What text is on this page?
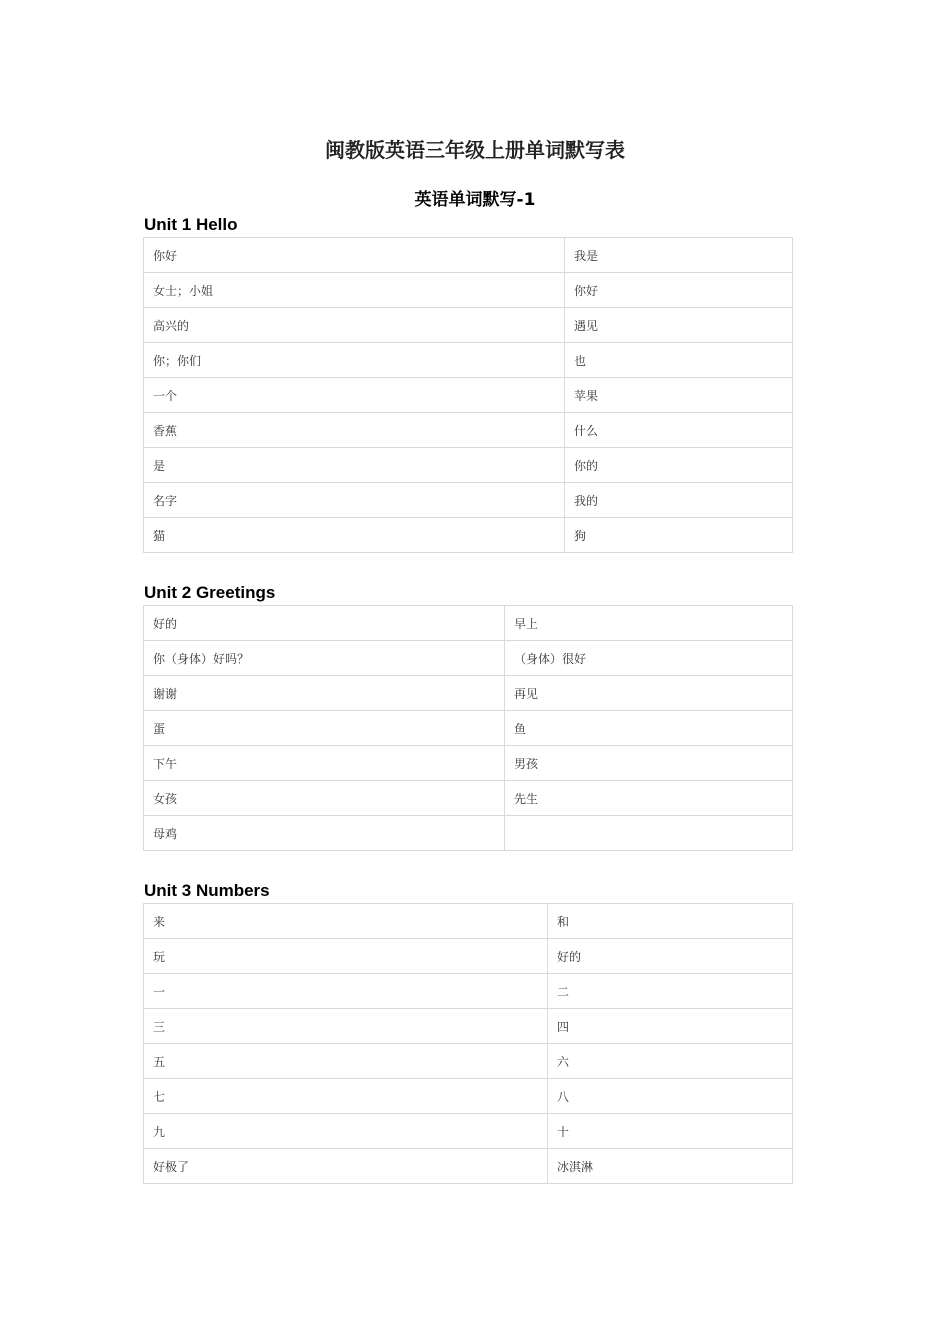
闽教版英语三年级上册单词默写表
英语单词默写-1
Unit 1 Hello
你好	我是
女士；小姐	你好
高兴的	遇见
你；你们	也
一个	苹果
香蕉	什么
是	你的
名字	我的
猫	狗
Unit 2 Greetings
好的	早上
你（身体）好吗？	（身体）很好
谢谢	再见
蛋	鱼
下午	男孩
女孩	先生
母鸡	
Unit 3 Numbers
来	和
玩	好的
一	二
三	四
五	六
七	八
九	十
好极了	冰淇淋
